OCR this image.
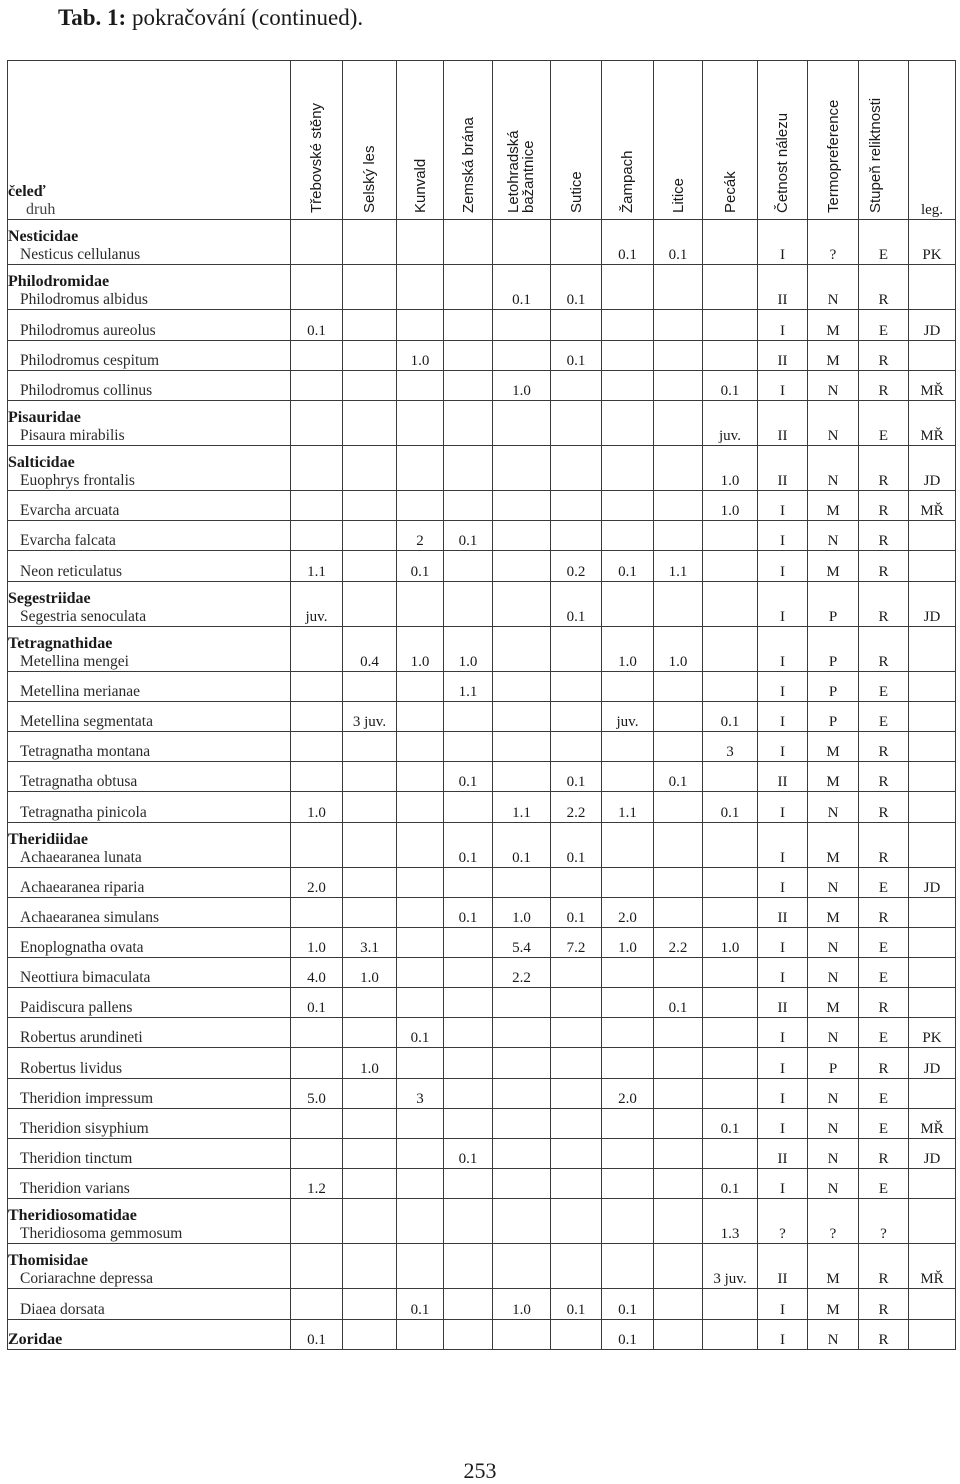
Tab. 1: pokračování (continued).
čeleď
druh	Třebovské stěny	Selský les	Kunvald	Zemská brána	Letohradská bažantnice	Sutice	Žampach	Litice	Pecák	Četnost nálezu	Termopreference	Stupeň reliktnosti	leg.

Nesticidae
Nesticus cellulanus							0.1	0.1		I	?	E	PK

Philodromidae
Philodromus albidus					0.1	0.1				II	N	R	

Philodromus aureolus	0.1									I	M	E	JD

Philodromus cespitum			1.0			0.1				II	M	R	

Philodromus collinus					1.0				0.1	I	N	R	MŘ

Pisauridae
Pisaura mirabilis									juv.	II	N	E	MŘ

Salticidae
Euophrys frontalis									1.0	II	N	R	JD

Evarcha arcuata									1.0	I	M	R	MŘ

Evarcha falcata			2	0.1						I	N	R	

Neon reticulatus	1.1		0.1			0.2	0.1	1.1		I	M	R	

Segestriidae
Segestria senoculata	juv.					0.1				I	P	R	JD

Tetragnathidae
Metellina mengei		0.4	1.0	1.0			1.0	1.0		I	P	R	

Metellina merianae				1.1						I	P	E	

Metellina segmentata		3 juv.					juv.		0.1	I	P	E	

Tetragnatha montana									3	I	M	R	

Tetragnatha obtusa				0.1		0.1		0.1		II	M	R	

Tetragnatha pinicola	1.0				1.1	2.2	1.1		0.1	I	N	R	

Theridiidae
Achaearanea lunata				0.1	0.1	0.1				I	M	R	

Achaearanea riparia	2.0									I	N	E	JD

Achaearanea simulans				0.1	1.0	0.1	2.0			II	M	R	

Enoplognatha ovata	1.0	3.1			5.4	7.2	1.0	2.2	1.0	I	N	E	

Neottiura bimaculata	4.0	1.0			2.2					I	N	E	

Paidiscura pallens	0.1							0.1		II	M	R	

Robertus arundineti			0.1							I	N	E	PK

Robertus lividus		1.0								I	P	R	JD

Theridion impressum	5.0		3				2.0			I	N	E	

Theridion sisyphium									0.1	I	N	E	MŘ

Theridion tinctum				0.1						II	N	R	JD

Theridion varians	1.2								0.1	I	N	E	

Theridiosomatidae
Theridiosoma gemmosum									1.3	?	?	?	

Thomisidae
Coriarachne depressa									3 juv.	II	M	R	MŘ

Diaea dorsata			0.1		1.0	0.1	0.1			I	M	R	

Zoridae	0.1						0.1			I	N	R	
253
